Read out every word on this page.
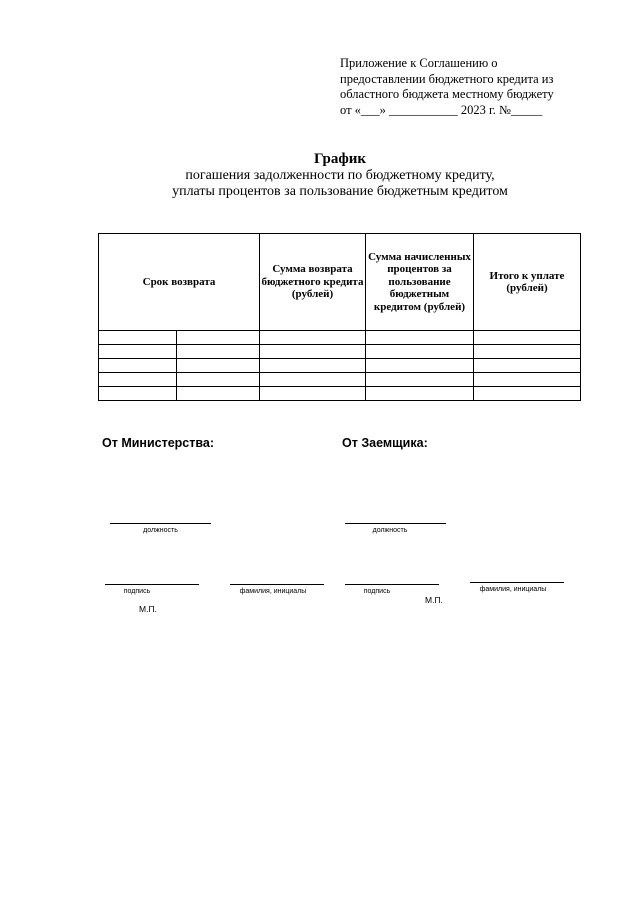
Приложение к Соглашению о
предоставлении бюджетного кредита из
областного бюджета местному бюджету
от «___» ___________ 2023 г. №_____
График
погашения задолженности по бюджетному кредиту,
уплаты процентов за пользование бюджетным кредитом
Срок возврата		Сумма возврата бюджетного кредита (рублей)	Сумма начисленных процентов за пользование бюджетным кредитом (рублей)	Итого к уплате (рублей)

От Министерства:	От Заемщика:
должность
подпись	фамилия, инициалы
М.П.
должность
подпись	фамилия, инициалы
М.П.
